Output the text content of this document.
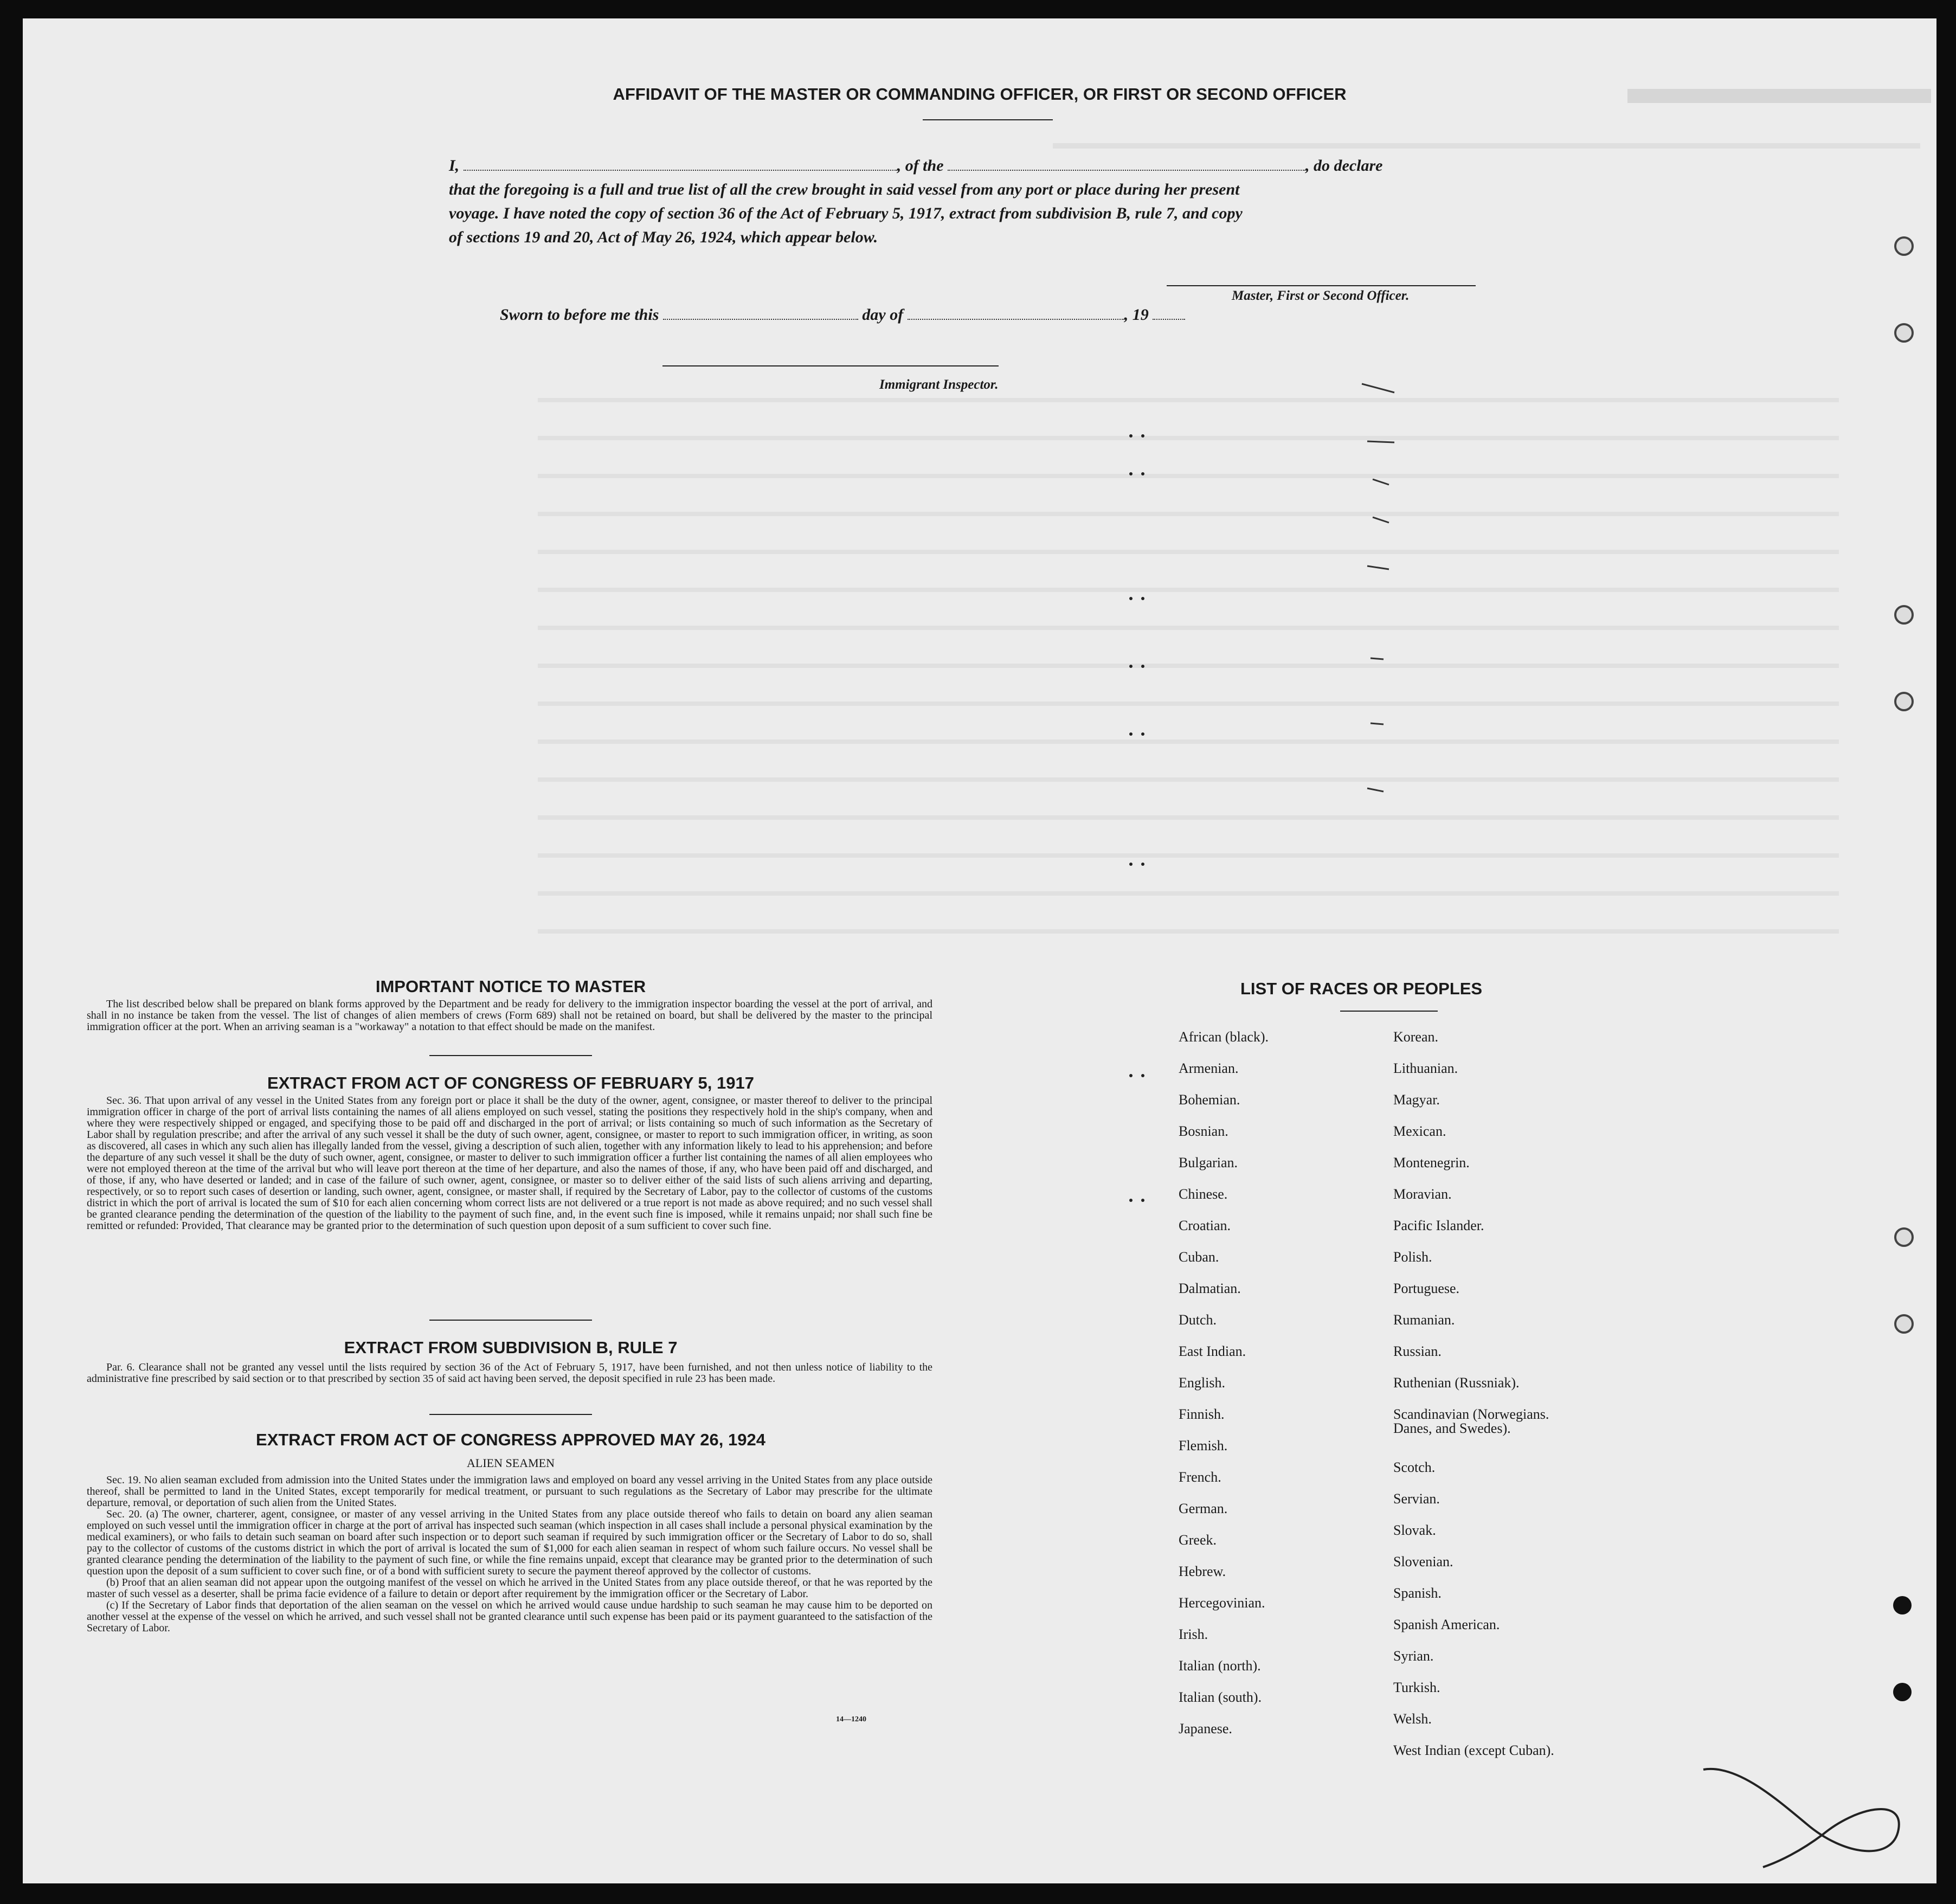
AFFIDAVIT OF THE MASTER OR COMMANDING OFFICER, OR FIRST OR SECOND OFFICER
I,	, of the	, do declare
that the foregoing is a full and true list of all the crew brought in said vessel from any port or place during her present
voyage. I have noted the copy of section 36 of the Act of February 5, 1917, extract from subdivision B, rule 7, and copy
of sections 19 and 20, Act of May 26, 1924, which appear below.
Master, First or Second Officer.
Sworn to before me this	day of	, 19
Immigrant Inspector.
IMPORTANT NOTICE TO MASTER

The list described below shall be prepared on blank forms approved by the Department and be ready for delivery to the immigration inspector boarding the vessel at the port of arrival, and shall in no instance be taken from the vessel. The list of changes of alien members of crews (Form 689) shall not be retained on board, but shall be delivered by the master to the principal immigration officer at the port. When an arriving seaman is a "workaway" a notation to that effect should be made on the manifest.

EXTRACT FROM ACT OF CONGRESS OF FEBRUARY 5, 1917

Sec. 36. That upon arrival of any vessel in the United States from any foreign port or place it shall be the duty of the owner, agent, consignee, or master thereof to deliver to the principal immigration officer in charge of the port of arrival lists containing the names of all aliens employed on such vessel, stating the positions they respectively hold in the ship's company, when and where they were respectively shipped or engaged, and specifying those to be paid off and discharged in the port of arrival; or lists containing so much of such information as the Secretary of Labor shall by regulation prescribe; and after the arrival of any such vessel it shall be the duty of such owner, agent, consignee, or master to report to such immigration officer, in writing, as soon as discovered, all cases in which any such alien has illegally landed from the vessel, giving a description of such alien, together with any information likely to lead to his apprehension; and before the departure of any such vessel it shall be the duty of such owner, agent, consignee, or master to deliver to such immigration officer a further list containing the names of all alien employees who were not employed thereon at the time of the arrival but who will leave port thereon at the time of her departure, and also the names of those, if any, who have been paid off and discharged, and of those, if any, who have deserted or landed; and in case of the failure of such owner, agent, consignee, or master so to deliver either of the said lists of such aliens arriving and departing, respectively, or so to report such cases of desertion or landing, such owner, agent, consignee, or master shall, if required by the Secretary of Labor, pay to the collector of customs of the customs district in which the port of arrival is located the sum of $10 for each alien concerning whom correct lists are not delivered or a true report is not made as above required; and no such vessel shall be granted clearance pending the determination of the question of the liability to the payment of such fine, and, in the event such fine is imposed, while it remains unpaid; nor shall such fine be remitted or refunded: Provided, That clearance may be granted prior to the determination of such question upon deposit of a sum sufficient to cover such fine.

EXTRACT FROM SUBDIVISION B, RULE 7

Par. 6. Clearance shall not be granted any vessel until the lists required by section 36 of the Act of February 5, 1917, have been furnished, and not then unless notice of liability to the administrative fine prescribed by said section or to that prescribed by section 35 of said act having been served, the deposit specified in rule 23 has been made.

EXTRACT FROM ACT OF CONGRESS APPROVED MAY 26, 1924
ALIEN SEAMEN

Sec. 19. No alien seaman excluded from admission into the United States under the immigration laws and employed on board any vessel arriving in the United States from any place outside thereof, shall be permitted to land in the United States, except temporarily for medical treatment, or pursuant to such regulations as the Secretary of Labor may prescribe for the ultimate departure, removal, or deportation of such alien from the United States.

Sec. 20. (a) The owner, charterer, agent, consignee, or master of any vessel arriving in the United States from any place outside thereof who fails to detain on board any alien seaman employed on such vessel until the immigration officer in charge at the port of arrival has inspected such seaman (which inspection in all cases shall include a personal physical examination by the medical examiners), or who fails to detain such seaman on board after such inspection or to deport such seaman if required by such immigration officer or the Secretary of Labor to do so, shall pay to the collector of customs of the customs district in which the port of arrival is located the sum of $1,000 for each alien seaman in respect of whom such failure occurs. No vessel shall be granted clearance pending the determination of the liability to the payment of such fine, or while the fine remains unpaid, except that clearance may be granted prior to the determination of such question upon the deposit of a sum sufficient to cover such fine, or of a bond with sufficient surety to secure the payment thereof approved by the collector of customs.

(b) Proof that an alien seaman did not appear upon the outgoing manifest of the vessel on which he arrived in the United States from any place outside thereof, or that he was reported by the master of such vessel as a deserter, shall be prima facie evidence of a failure to detain or deport after requirement by the immigration officer or the Secretary of Labor.

(c) If the Secretary of Labor finds that deportation of the alien seaman on the vessel on which he arrived would cause undue hardship to such seaman he may cause him to be deported on another vessel at the expense of the vessel on which he arrived, and such vessel shall not be granted clearance until such expense has been paid or its payment guaranteed to the satisfaction of the Secretary of Labor.

14—1240
LIST OF RACES OR PEOPLES
African (black).
Armenian.
Bohemian.
Bosnian.
Bulgarian.
Chinese.
Croatian.
Cuban.
Dalmatian.
Dutch.
East Indian.
English.
Finnish.
Flemish.
French.
German.
Greek.
Hebrew.
Hercegovinian.
Irish.
Italian (north).
Italian (south).
Japanese.
Korean.
Lithuanian.
Magyar.
Mexican.
Montenegrin.
Moravian.
Pacific Islander.
Polish.
Portuguese.
Rumanian.
Russian.
Ruthenian (Russniak).
Scandinavian (Norwegians.
Danes, and Swedes).
Scotch.
Servian.
Slovak.
Slovenian.
Spanish.
Spanish American.
Syrian.
Turkish.
Welsh.
West Indian (except Cuban).
